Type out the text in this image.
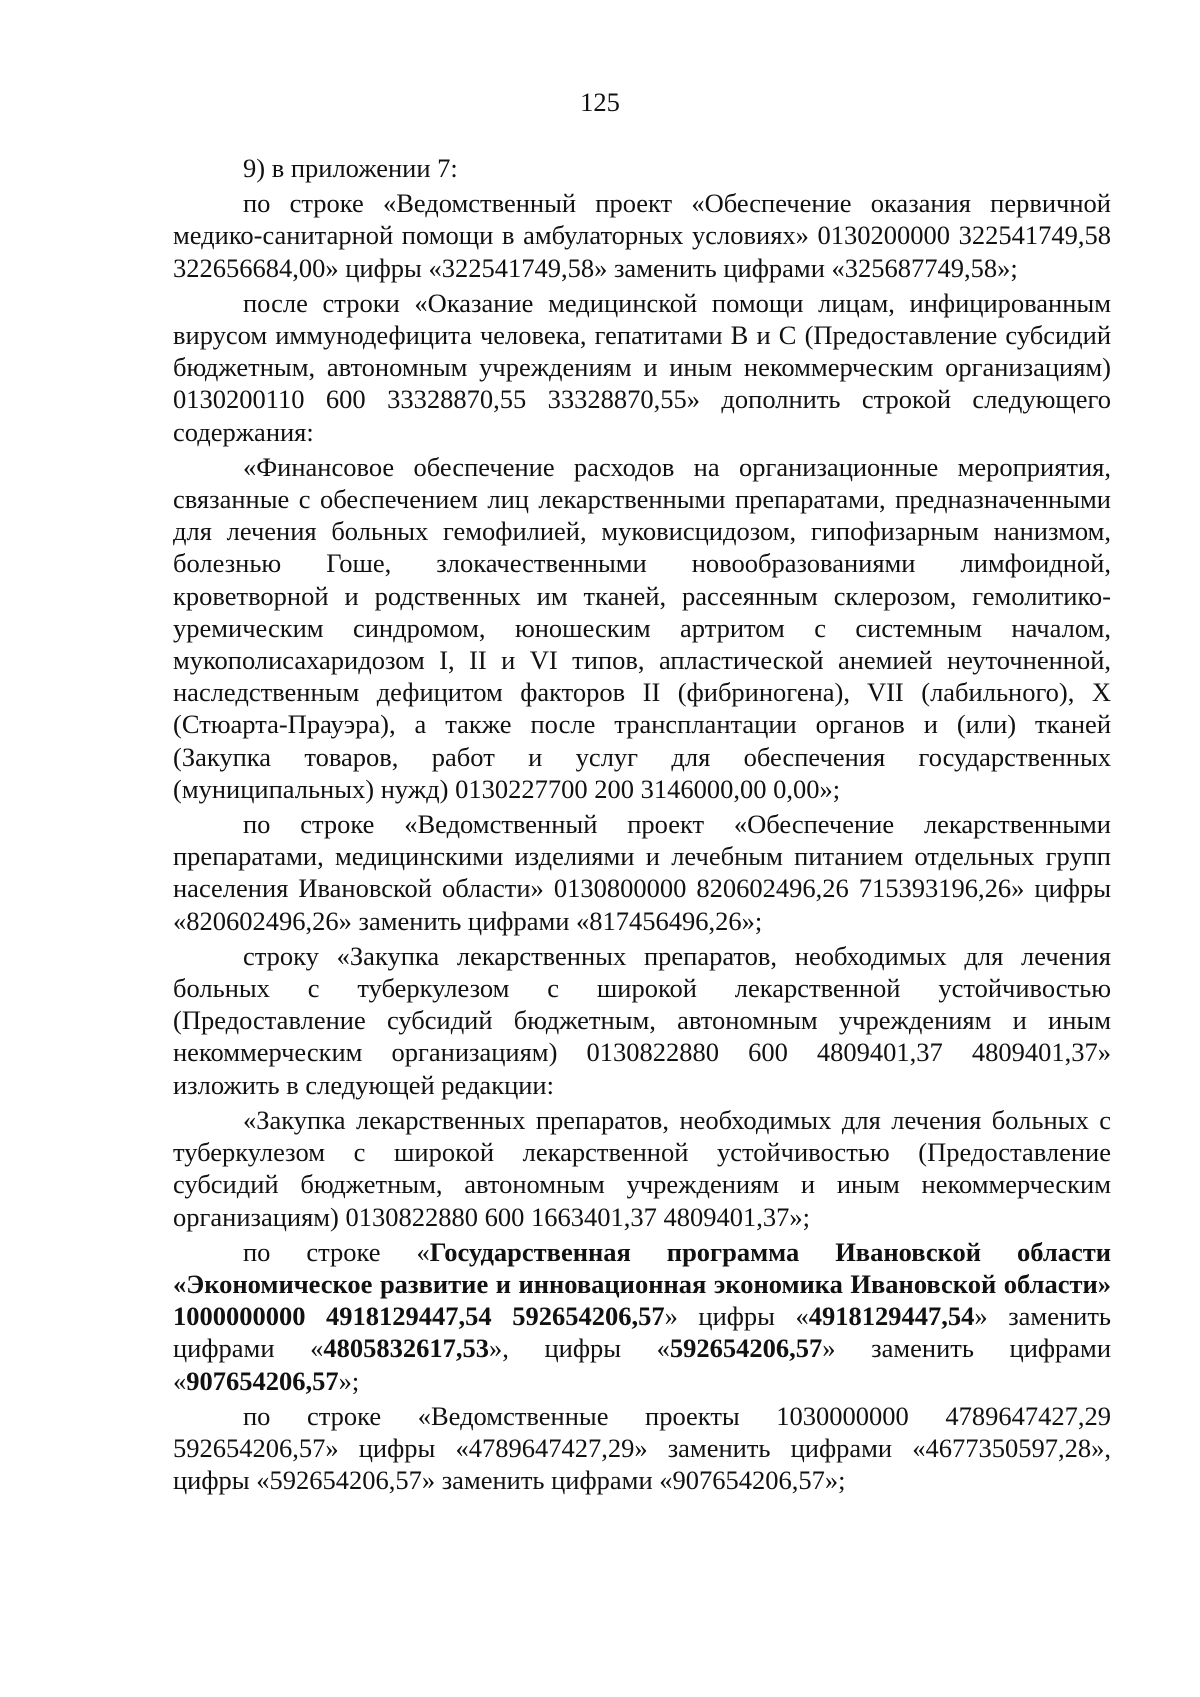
125

9) в приложении 7:

по строке «Ведомственный проект «Обеспечение оказания первичной медико-санитарной помощи в амбулаторных условиях» 0130200000 322541749,58 322656684,00» цифры «322541749,58» заменить цифрами «325687749,58»;

после строки «Оказание медицинской помощи лицам, инфицированным вирусом иммунодефицита человека, гепатитами B и C (Предоставление субсидий бюджетным, автономным учреждениям и иным некоммерческим организациям) 0130200110 600 33328870,55 33328870,55» дополнить строкой следующего содержания:

«Финансовое обеспечение расходов на организационные мероприятия, связанные с обеспечением лиц лекарственными препаратами, предназначенными для лечения больных гемофилией, муковисцидозом, гипофизарным нанизмом, болезнью Гоше, злокачественными новообразованиями лимфоидной, кроветворной и родственных им тканей, рассеянным склерозом, гемолитико-уремическим синдромом, юношеским артритом с системным началом, мукополисахаридозом I, II и VI типов, апластической анемией неуточненной, наследственным дефицитом факторов II (фибриногена), VII (лабильного), X (Стюарта-Прауэра), а также после трансплантации органов и (или) тканей (Закупка товаров, работ и услуг для обеспечения государственных (муниципальных) нужд) 0130227700 200 3146000,00 0,00»;

по строке «Ведомственный проект «Обеспечение лекарственными препаратами, медицинскими изделиями и лечебным питанием отдельных групп населения Ивановской области» 0130800000 820602496,26 715393196,26» цифры «820602496,26» заменить цифрами «817456496,26»;

строку «Закупка лекарственных препаратов, необходимых для лечения больных с туберкулезом с широкой лекарственной устойчивостью (Предоставление субсидий бюджетным, автономным учреждениям и иным некоммерческим организациям) 0130822880 600 4809401,37 4809401,37» изложить в следующей редакции:

«Закупка лекарственных препаратов, необходимых для лечения больных с туберкулезом с широкой лекарственной устойчивостью (Предоставление субсидий бюджетным, автономным учреждениям и иным некоммерческим организациям) 0130822880 600 1663401,37 4809401,37»;

по строке «Государственная программа Ивановской области «Экономическое развитие и инновационная экономика Ивановской области» 1000000000 4918129447,54 592654206,57» цифры «4918129447,54» заменить цифрами «4805832617,53», цифры «592654206,57» заменить цифрами «907654206,57»;

по строке «Ведомственные проекты 1030000000 4789647427,29 592654206,57» цифры «4789647427,29» заменить цифрами «4677350597,28», цифры «592654206,57» заменить цифрами «907654206,57»;
